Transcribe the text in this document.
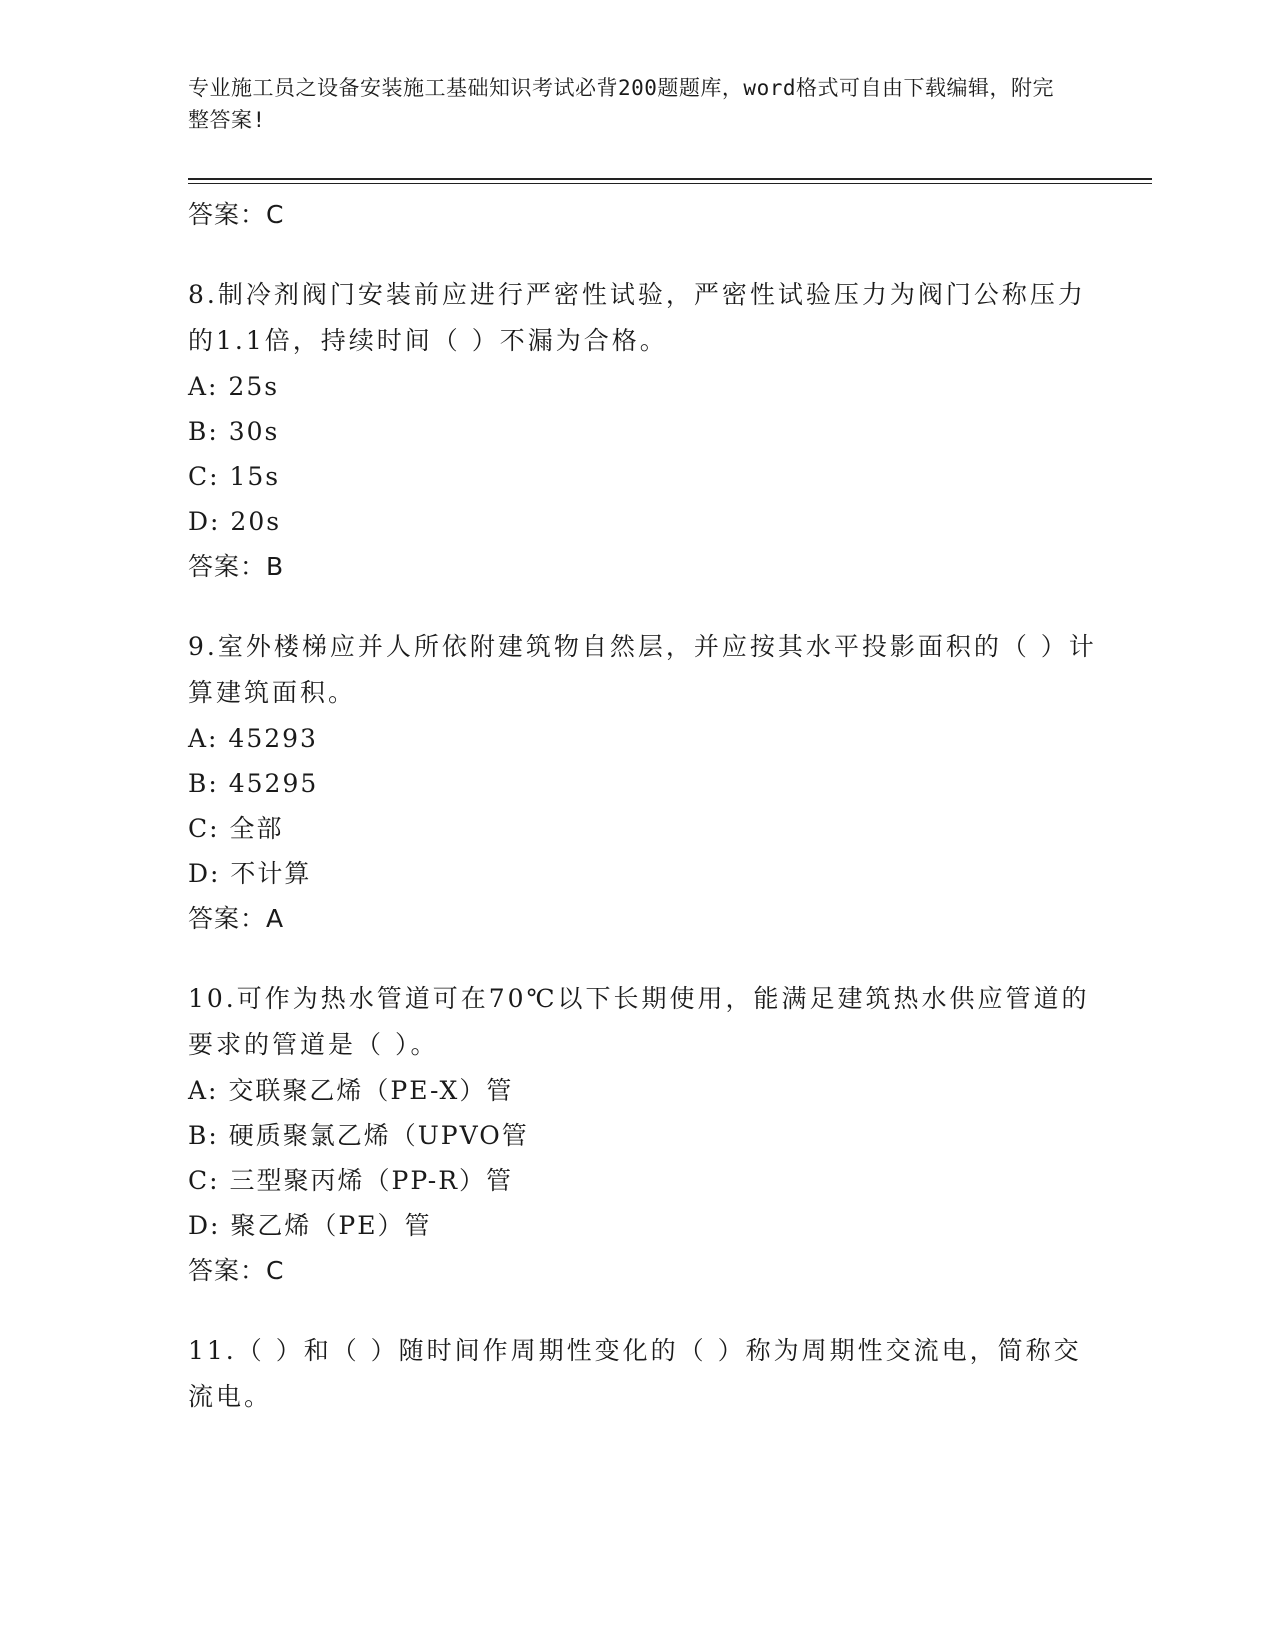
专业施工员之设备安装施工基础知识考试必背200题题库，word格式可自由下载编辑，附完整答案!
答案：C
8.制冷剂阀门安装前应进行严密性试验，严密性试验压力为阀门公称压力的1.1倍，持续时间（ ）不漏为合格。
A: 25s
B: 30s
C: 15s
D: 20s
答案：B
9.室外楼梯应并人所依附建筑物自然层，并应按其水平投影面积的（ ）计算建筑面积。
A: 45293
B: 45295
C: 全部
D: 不计算
答案：A
10.可作为热水管道可在70℃以下长期使用，能满足建筑热水供应管道的要求的管道是（ ）。
A: 交联聚乙烯（PE-X）管
B: 硬质聚氯乙烯（UPVO管
C: 三型聚丙烯（PP-R）管
D: 聚乙烯（PE）管
答案：C
11.（ ）和（ ）随时间作周期性变化的（ ）称为周期性交流电，简称交流电。
